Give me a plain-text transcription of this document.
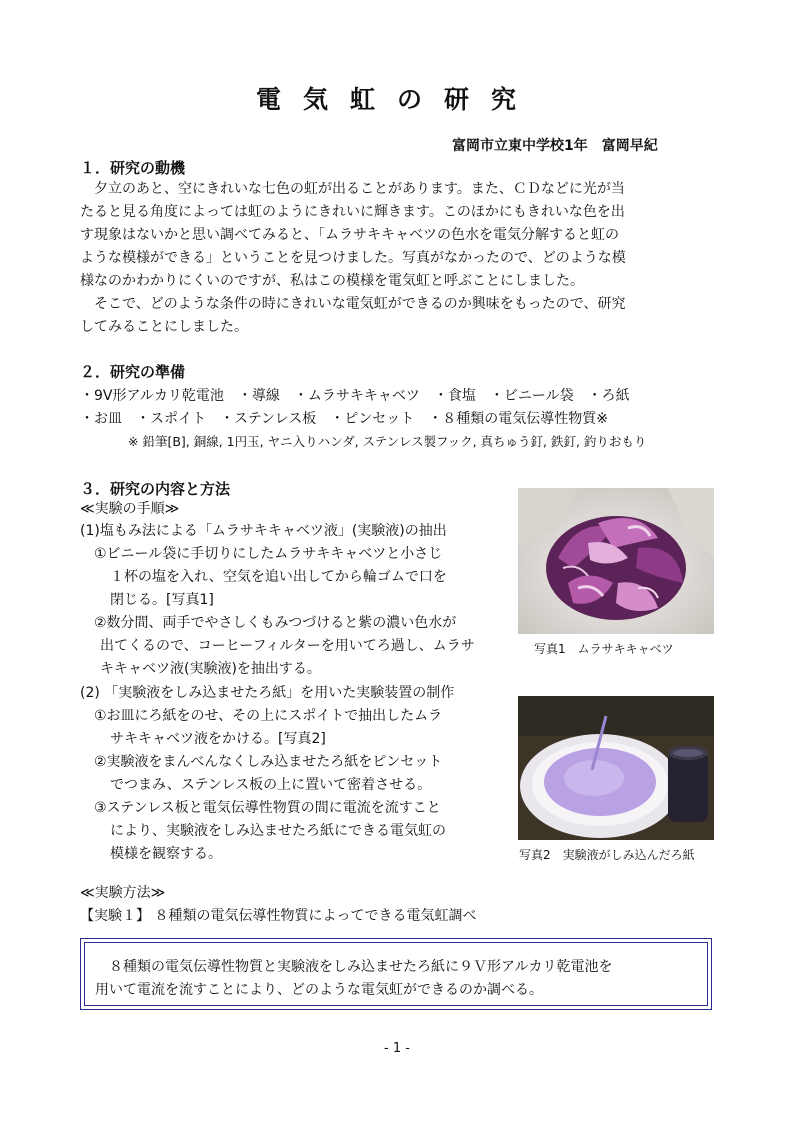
電気虹の研究
富岡市立東中学校1年　富岡早紀
１．研究の動機
夕立のあと、空にきれいな七色の虹が出ることがあります。また、ＣＤなどに光が当
たると見る角度によっては虹のようにきれいに輝きます。このほかにもきれいな色を出
す現象はないかと思い調べてみると、「ムラサキキャベツの色水を電気分解すると虹の
ような模様ができる」ということを見つけました。写真がなかったので、どのような模
様なのかわかりにくいのですが、私はこの模様を電気虹と呼ぶことにしました。
そこで、どのような条件の時にきれいな電気虹ができるのか興味をもったので、研究
してみることにしました。
２．研究の準備
・9V形アルカリ乾電池　・導線　・ムラサキキャベツ　・食塩　・ビニール袋　・ろ紙
・お皿　・スポイト　・ステンレス板　・ピンセット　・８種類の電気伝導性物質※
※ 鉛筆[B], 銅線, 1円玉, ヤニ入りハンダ, ステンレス製フック, 真ちゅう釘, 鉄釘, 釣りおもり
３．研究の内容と方法
≪実験の手順≫
(1)塩もみ法による「ムラサキキャベツ液」(実験液)の抽出
①ビニール袋に手切りにしたムラサキキャベツと小さじ
１杯の塩を入れ、空気を追い出してから輪ゴムで口を
閉じる。[写真1]
②数分間、両手でやさしくもみつづけると紫の濃い色水が
出てくるので、コーヒーフィルターを用いてろ過し、ムラサ
キキャベツ液(実験液)を抽出する。
(2) 「実験液をしみ込ませたろ紙」を用いた実験装置の制作
①お皿にろ紙をのせ、その上にスポイトで抽出したムラ
サキキャベツ液をかける。[写真2]
②実験液をまんべんなくしみ込ませたろ紙をピンセット
でつまみ、ステンレス板の上に置いて密着させる。
③ステンレス板と電気伝導性物質の間に電流を流すこと
により、実験液をしみ込ませたろ紙にできる電気虹の
模様を観察する。
写真1　ムラサキキャベツ
写真2　実験液がしみ込んだろ紙
≪実験方法≫
【実験１】 ８種類の電気伝導性物質によってできる電気虹調べ
８種類の電気伝導性物質と実験液をしみ込ませたろ紙に９Ｖ形アルカリ乾電池を
用いて電流を流すことにより、どのような電気虹ができるのか調べる。
- 1 -
